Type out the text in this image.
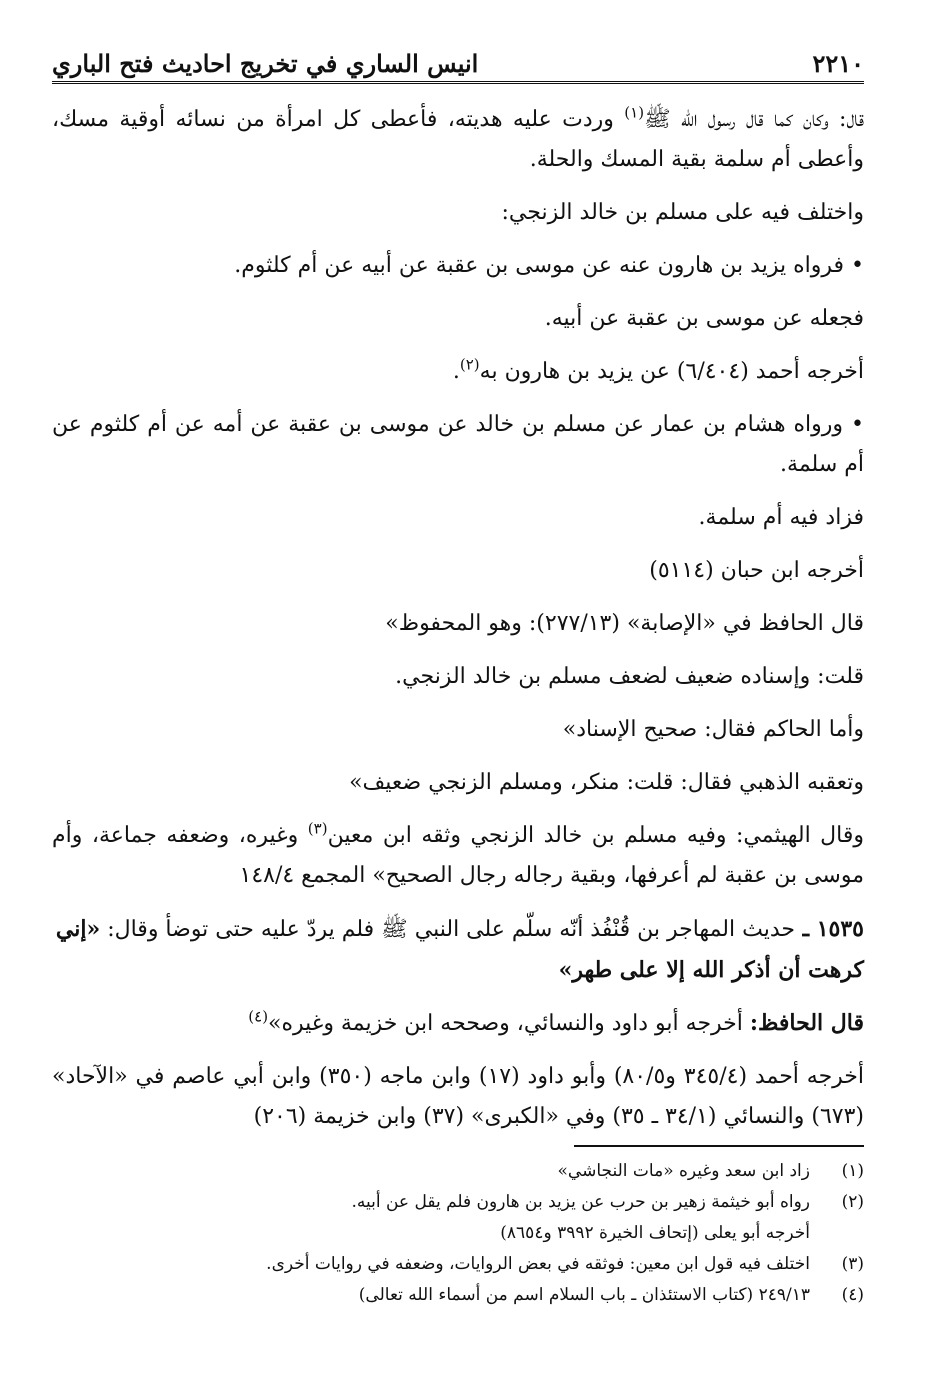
٢٢١٠
انيس الساري في تخريج احاديث فتح الباري

قال: وكان كما قال رسول الله ﷺ$^{(١)}$ وردت عليه هديته، فأعطى كل امرأة من نسائه أوقية مسك، وأعطى أم سلمة بقية المسك والحلة.

واختلف فيه على مسلم بن خالد الزنجي:

• فرواه يزيد بن هارون عنه عن موسى بن عقبة عن أبيه عن أم كلثوم.

فجعله عن موسى بن عقبة عن أبيه.

أخرجه أحمد (٦/٤٠٤) عن يزيد بن هارون به$^{(٢)}$.

• ورواه هشام بن عمار عن مسلم بن خالد عن موسى بن عقبة عن أمه عن أم كلثوم عن أم سلمة.

فزاد فيه أم سلمة.

أخرجه ابن حبان (٥١١٤)

قال الحافظ في «الإصابة» (٢٧٧/١٣): وهو المحفوظ»

قلت: وإسناده ضعيف لضعف مسلم بن خالد الزنجي.

وأما الحاكم فقال: صحيح الإسناد»

وتعقبه الذهبي فقال: قلت: منكر، ومسلم الزنجي ضعيف»

وقال الهيثمي: وفيه مسلم بن خالد الزنجي وثقه ابن معين$^{(٣)}$ وغيره، وضعفه جماعة، وأم موسى بن عقبة لم أعرفها، وبقية رجاله رجال الصحيح» المجمع ١٤٨/٤

١٥٣٥ ـ حديث المهاجر بن قُنْفُذ أنّه سلّم على النبي ﷺ فلم يردّ عليه حتى توضأ وقال: «إني كرهت أن أذكر الله إلا على طهر»

قال الحافظ: أخرجه أبو داود والنسائي، وصححه ابن خزيمة وغيره»$^{(٤)}$

أخرجه أحمد (٣٤٥/٤ و٨٠/٥) وأبو داود (١٧) وابن ماجه (٣٥٠) وابن أبي عاصم في «الآحاد» (٦٧٣) والنسائي (٣٤/١ ـ ٣٥) وفي «الكبرى» (٣٧) وابن خزيمة (٢٠٦)

(١)
زاد ابن سعد وغيره «مات النجاشي»
(٢)
رواه أبو خيثمة زهير بن حرب عن يزيد بن هارون فلم يقل عن أبيه.
أخرجه أبو يعلى (إتحاف الخيرة ٣٩٩٢ و٨٦٥٤)
(٣)
اختلف فيه قول ابن معين: فوثقه في بعض الروايات، وضعفه في روايات أخرى.
(٤)
٢٤٩/١٣ (كتاب الاستئذان ـ باب السلام اسم من أسماء الله تعالى)
